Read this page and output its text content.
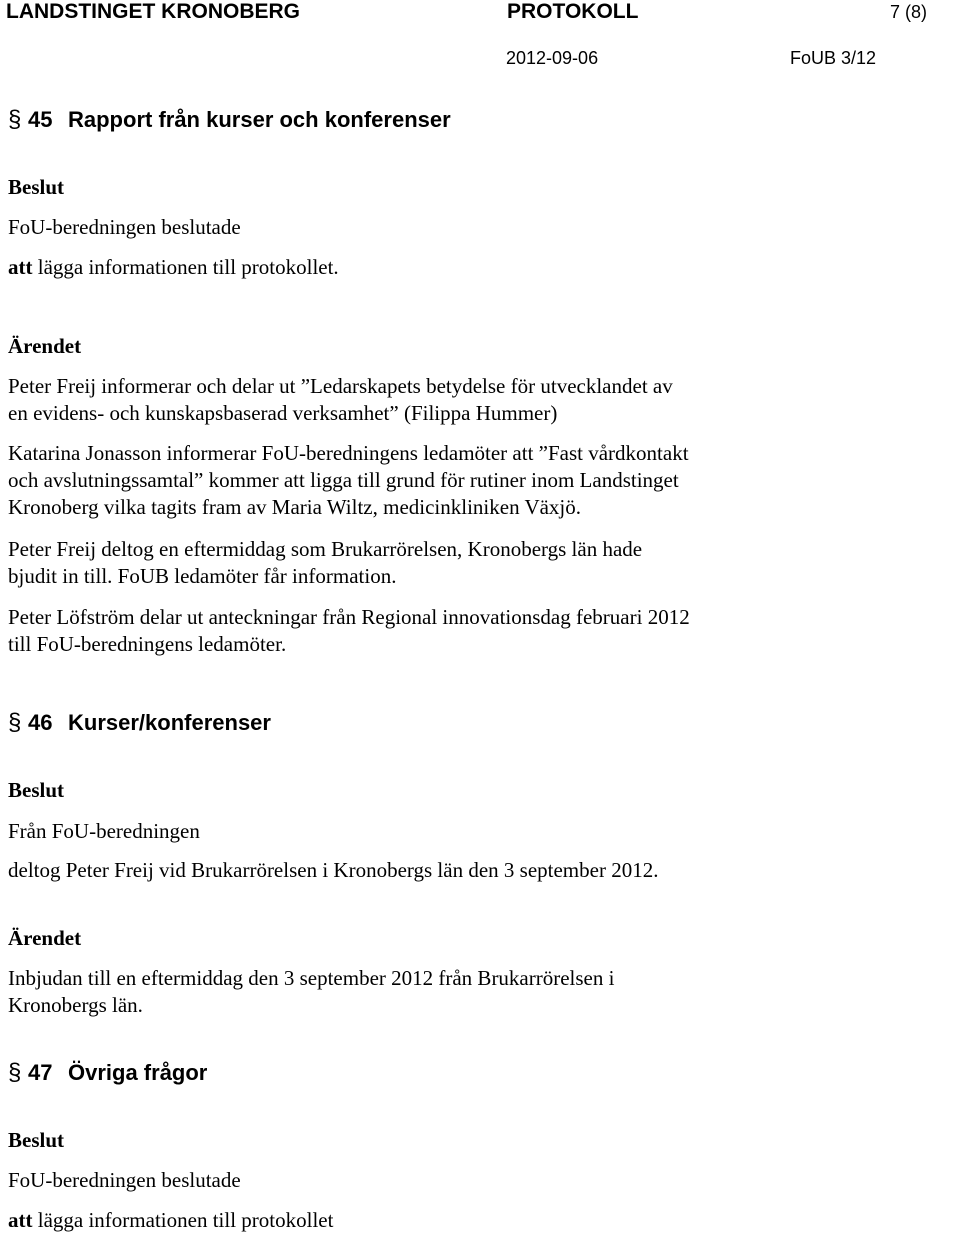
LANDSTINGET KRONOBERG	PROTOKOLL	7 (8)
2012-09-06	FoUB 3/12
§ 45 Rapport från kurser och konferenser
Beslut
FoU-beredningen beslutade
att lägga informationen till protokollet.
Ärendet
Peter Freij informerar och delar ut ”Ledarskapets betydelse för utvecklandet av
en evidens- och kunskapsbaserad verksamhet” (Filippa Hummer)
Katarina Jonasson informerar FoU-beredningens ledamöter att ”Fast vårdkontakt
och avslutningssamtal” kommer att ligga till grund för rutiner inom Landstinget
Kronoberg vilka tagits fram av Maria Wiltz, medicinkliniken Växjö.
Peter Freij deltog en eftermiddag som Brukarrörelsen, Kronobergs län hade
bjudit in till. FoUB ledamöter får information.
Peter Löfström delar ut anteckningar från Regional innovationsdag februari 2012
till FoU-beredningens ledamöter.
§ 46 Kurser/konferenser
Beslut
Från FoU-beredningen
deltog Peter Freij vid Brukarrörelsen i Kronobergs län den 3 september 2012.
Ärendet
Inbjudan till en eftermiddag den 3 september 2012 från Brukarrörelsen i
Kronobergs län.
§ 47 Övriga frågor
Beslut
FoU-beredningen beslutade
att lägga informationen till protokollet
